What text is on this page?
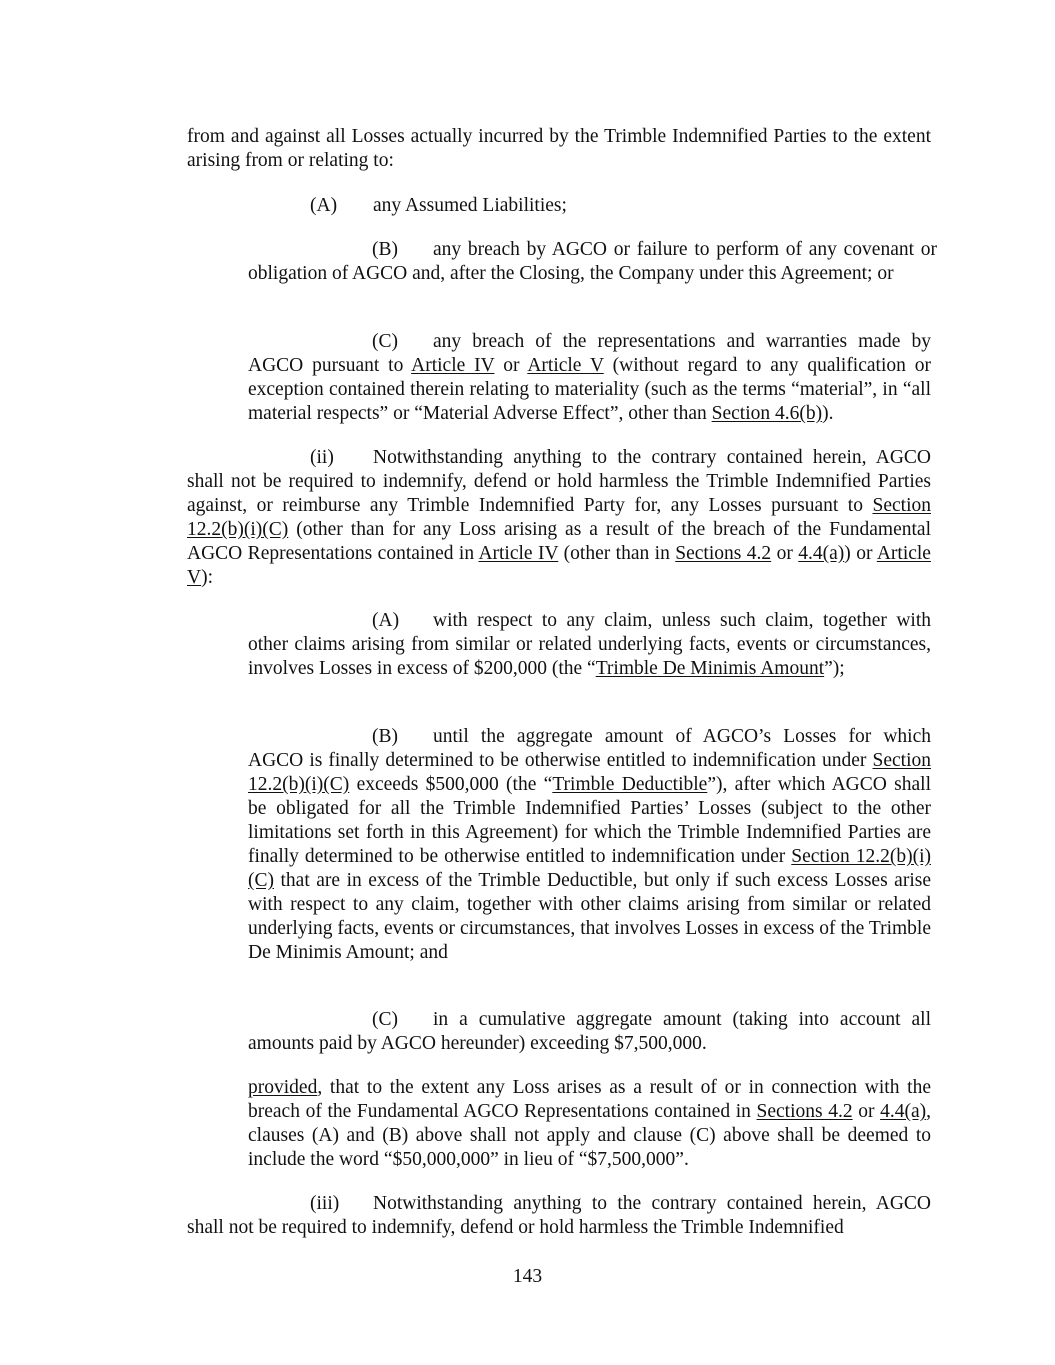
from and against all Losses actually incurred by the Trimble Indemnified Parties to the extent arising from or relating to:

(A) any Assumed Liabilities;

(B) any breach by AGCO or failure to perform of any covenant or obligation of AGCO and, after the Closing, the Company under this Agreement; or

(C) any breach of the representations and warranties made by AGCO pursuant to Article IV or Article V (without regard to any qualification or exception contained therein relating to materiality (such as the terms “material”, in “all material respects” or “Material Adverse Effect”, other than Section 4.6(b)).

(ii) Notwithstanding anything to the contrary contained herein, AGCO shall not be required to indemnify, defend or hold harmless the Trimble Indemnified Parties against, or reimburse any Trimble Indemnified Party for, any Losses pursuant to Section 12.2(b)(i)(C) (other than for any Loss arising as a result of the breach of the Fundamental AGCO Representations contained in Article IV (other than in Sections 4.2 or 4.4(a)) or Article V):

(A) with respect to any claim, unless such claim, together with other claims arising from similar or related underlying facts, events or circumstances, involves Losses in excess of $200,000 (the “Trimble De Minimis Amount”);

(B) until the aggregate amount of AGCO’s Losses for which AGCO is finally determined to be otherwise entitled to indemnification under Section 12.2(b)(i)(C) exceeds $500,000 (the “Trimble Deductible”), after which AGCO shall be obligated for all the Trimble Indemnified Parties’ Losses (subject to the other limitations set forth in this Agreement) for which the Trimble Indemnified Parties are finally determined to be otherwise entitled to indemnification under Section 12.2(b)(i)(C) that are in excess of the Trimble Deductible, but only if such excess Losses arise with respect to any claim, together with other claims arising from similar or related underlying facts, events or circumstances, that involves Losses in excess of the Trimble De Minimis Amount; and

(C) in a cumulative aggregate amount (taking into account all amounts paid by AGCO hereunder) exceeding $7,500,000.

provided, that to the extent any Loss arises as a result of or in connection with the breach of the Fundamental AGCO Representations contained in Sections 4.2 or 4.4(a), clauses (A) and (B) above shall not apply and clause (C) above shall be deemed to include the word “$50,000,000” in lieu of “$7,500,000”.

(iii) Notwithstanding anything to the contrary contained herein, AGCO shall not be required to indemnify, defend or hold harmless the Trimble Indemnified

143
